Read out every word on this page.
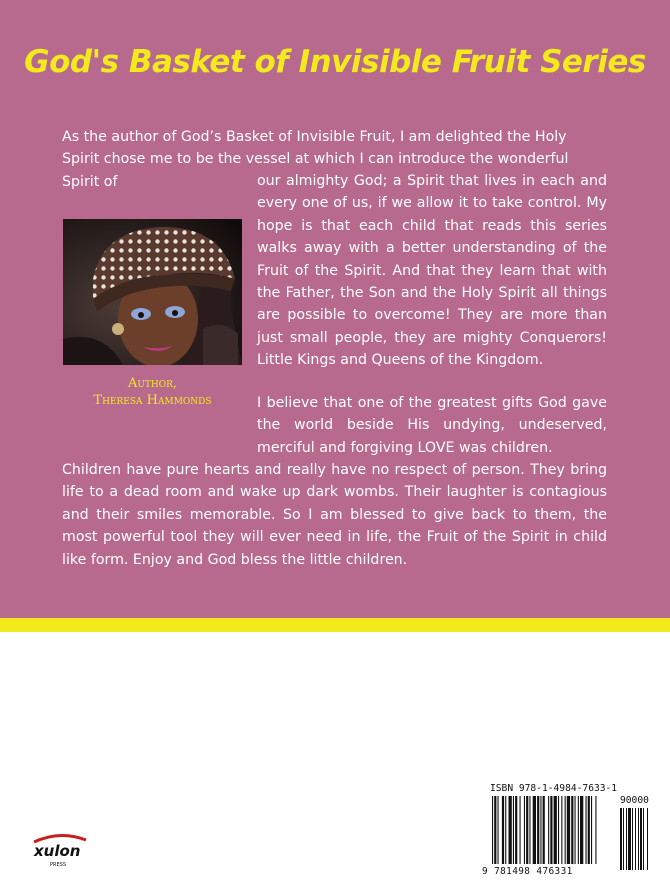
God's Basket of Invisible Fruit Series
As the author of God’s Basket of Invisible Fruit, I am delighted the Holy Spirit chose me to be the vessel at which I can introduce the wonderful Spirit of	our almighty God; a Spirit that lives in each and every one of us, if we allow it to take control. My hope is that each child that reads this series walks away with a better understanding of the Fruit of the Spirit. And that they learn that with the Father, the Son and the Holy Spirit all things are possible to overcome! They are more than just small people, they are mighty Conquerors! Little Kings and Queens of the Kingdom.
Author,
Theresa Hammonds	I believe that one of the greatest gifts God gave the world beside His undying, undeserved, merciful and forgiving LOVE was children.
Children have pure hearts and really have no respect of person. They bring life to a dead room and wake up dark wombs. Their laughter is contagious and their smiles memorable. So I am blessed to give back to them, the most powerful tool they will ever need in life, the Fruit of the Spirit in child like form. Enjoy and God bless the little children.
xulon
PRESS
ISBN 978-1-4984-7633-1
90000
9 781498 476331
